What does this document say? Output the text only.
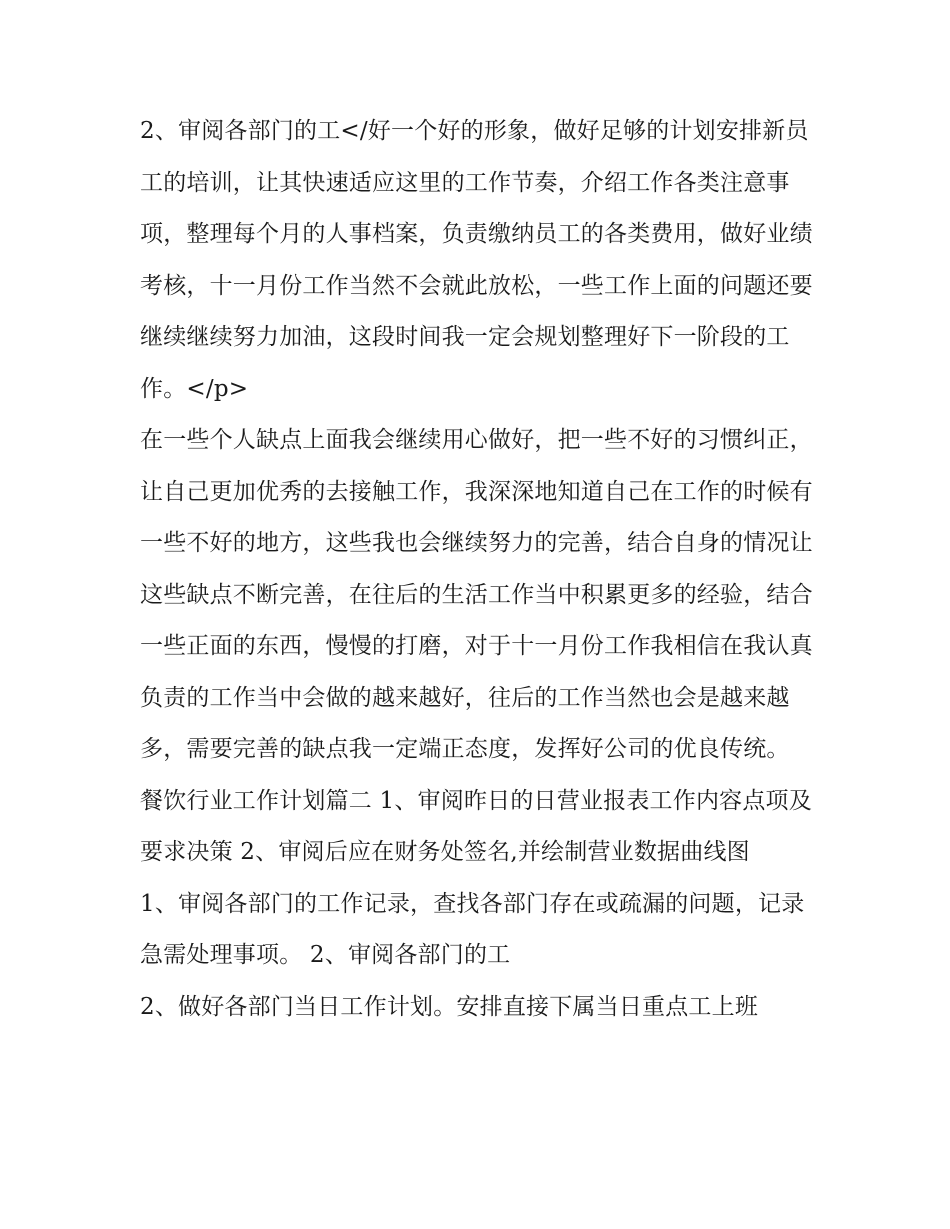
2、审阅各部门的工</好一个好的形象，做好足够的计划安排新员工的培训，让其快速适应这里的工作节奏，介绍工作各类注意事项，整理每个月的人事档案，负责缴纳员工的各类费用，做好业绩考核，十一月份工作当然不会就此放松，一些工作上面的问题还要继续继续努力加油，这段时间我一定会规划整理好下一阶段的工作。</p>

在一些个人缺点上面我会继续用心做好，把一些不好的习惯纠正，让自己更加优秀的去接触工作，我深深地知道自己在工作的时候有一些不好的地方，这些我也会继续努力的完善，结合自身的情况让这些缺点不断完善，在往后的生活工作当中积累更多的经验，结合一些正面的东西，慢慢的打磨，对于十一月份工作我相信在我认真负责的工作当中会做的越来越好，往后的工作当然也会是越来越多，需要完善的缺点我一定端正态度，发挥好公司的优良传统。

餐饮行业工作计划篇二 1、审阅昨日的日营业报表工作内容点项及要求决策 2、审阅后应在财务处签名,并绘制营业数据曲线图

1、审阅各部门的工作记录，查找各部门存在或疏漏的问题，记录急需处理事项。 2、审阅各部门的工

2、做好各部门当日工作计划。安排直接下属当日重点工上班
